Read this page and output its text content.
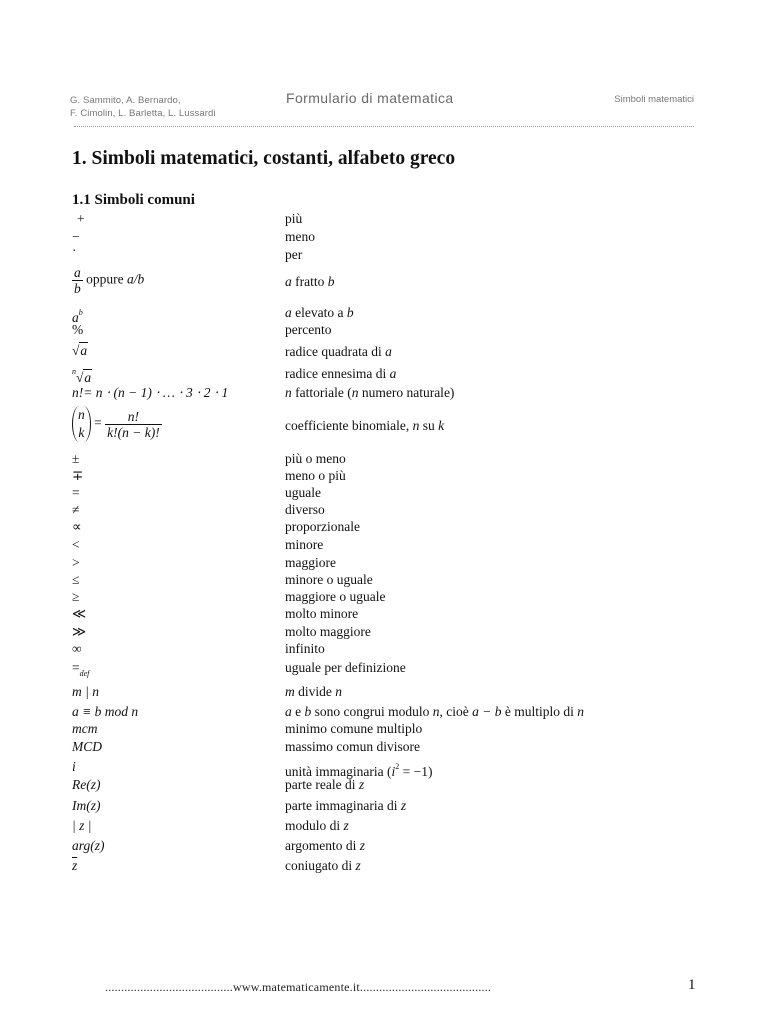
G. Sammito, A. Bernardo,
F. Cimolin, L. Barletta, L. Lussardi
Formulario di matematica	Simboli matematici
1. Simboli matematici, costanti, alfabeto greco
1.1 Simboli comuni
+	più
−	meno
·	per
$\frac{a}{b}$ oppure a/b	a fratto b
$a^b$	a elevato a b
%	percento
√a	radice quadrata di a
$^n$√a	radice ennesima di a
n!= n ⋅ (n − 1) ⋅ … ⋅ 3 ⋅ 2 ⋅ 1	n fattoriale (n numero naturale)
n
k
= $\frac{n!}{k!(n - k)!}$	coefficiente binomiale, n su k
±	più o meno
∓	meno o più
=	uguale
≠	diverso
∝	proporzionale
<	minore
>	maggiore
≤	minore o uguale
≥	maggiore o uguale
≪	molto minore
≫	molto maggiore
∞	infinito
$=_{def}$	uguale per definizione
m | n	m divide n
a ≡ b mod n	a e b sono congrui modulo n, cioè a − b è multiplo di n
mcm	minimo comune multiplo
MCD	massimo comun divisore
i	unità immaginaria $(i^2 = -1)$
Re(z)	parte reale di z
Im(z)	parte immaginaria di z
| z |	modulo di z
arg(z)	argomento di z
$\overline{z}$	coniugato di z
........................................www.matematicamente.it.........................................	1
